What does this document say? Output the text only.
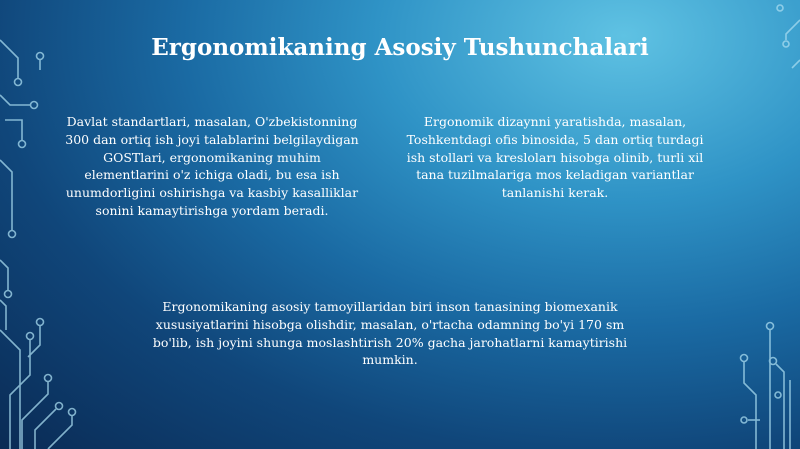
Ergonomikaning Asosiy Tushunchalari
Davlat standartlari, masalan, O'zbekistonning 300 dan ortiq ish joyi talablarini belgilaydigan GOSTlari, ergonomikaning muhim elementlarini o'z ichiga oladi, bu esa ish unumdorligini oshirishga va kasbiy kasalliklar sonini kamaytirishga yordam beradi.
Ergonomik dizaynni yaratishda, masalan, Toshkentdagi ofis binosida, 5 dan ortiq turdagi ish stollari va kresloları hisobga olinib, turli xil tana tuzilmalariga mos keladigan variantlar tanlanishi kerak.
Ergonomikaning asosiy tamoyillaridan biri inson tanasining biomexanik xususiyatlarini hisobga olishdir, masalan, o'rtacha odamning bo'yi 170 sm bo'lib, ish joyini shunga moslashtirish 20% gacha jarohatlarni kamaytirishi mumkin.
